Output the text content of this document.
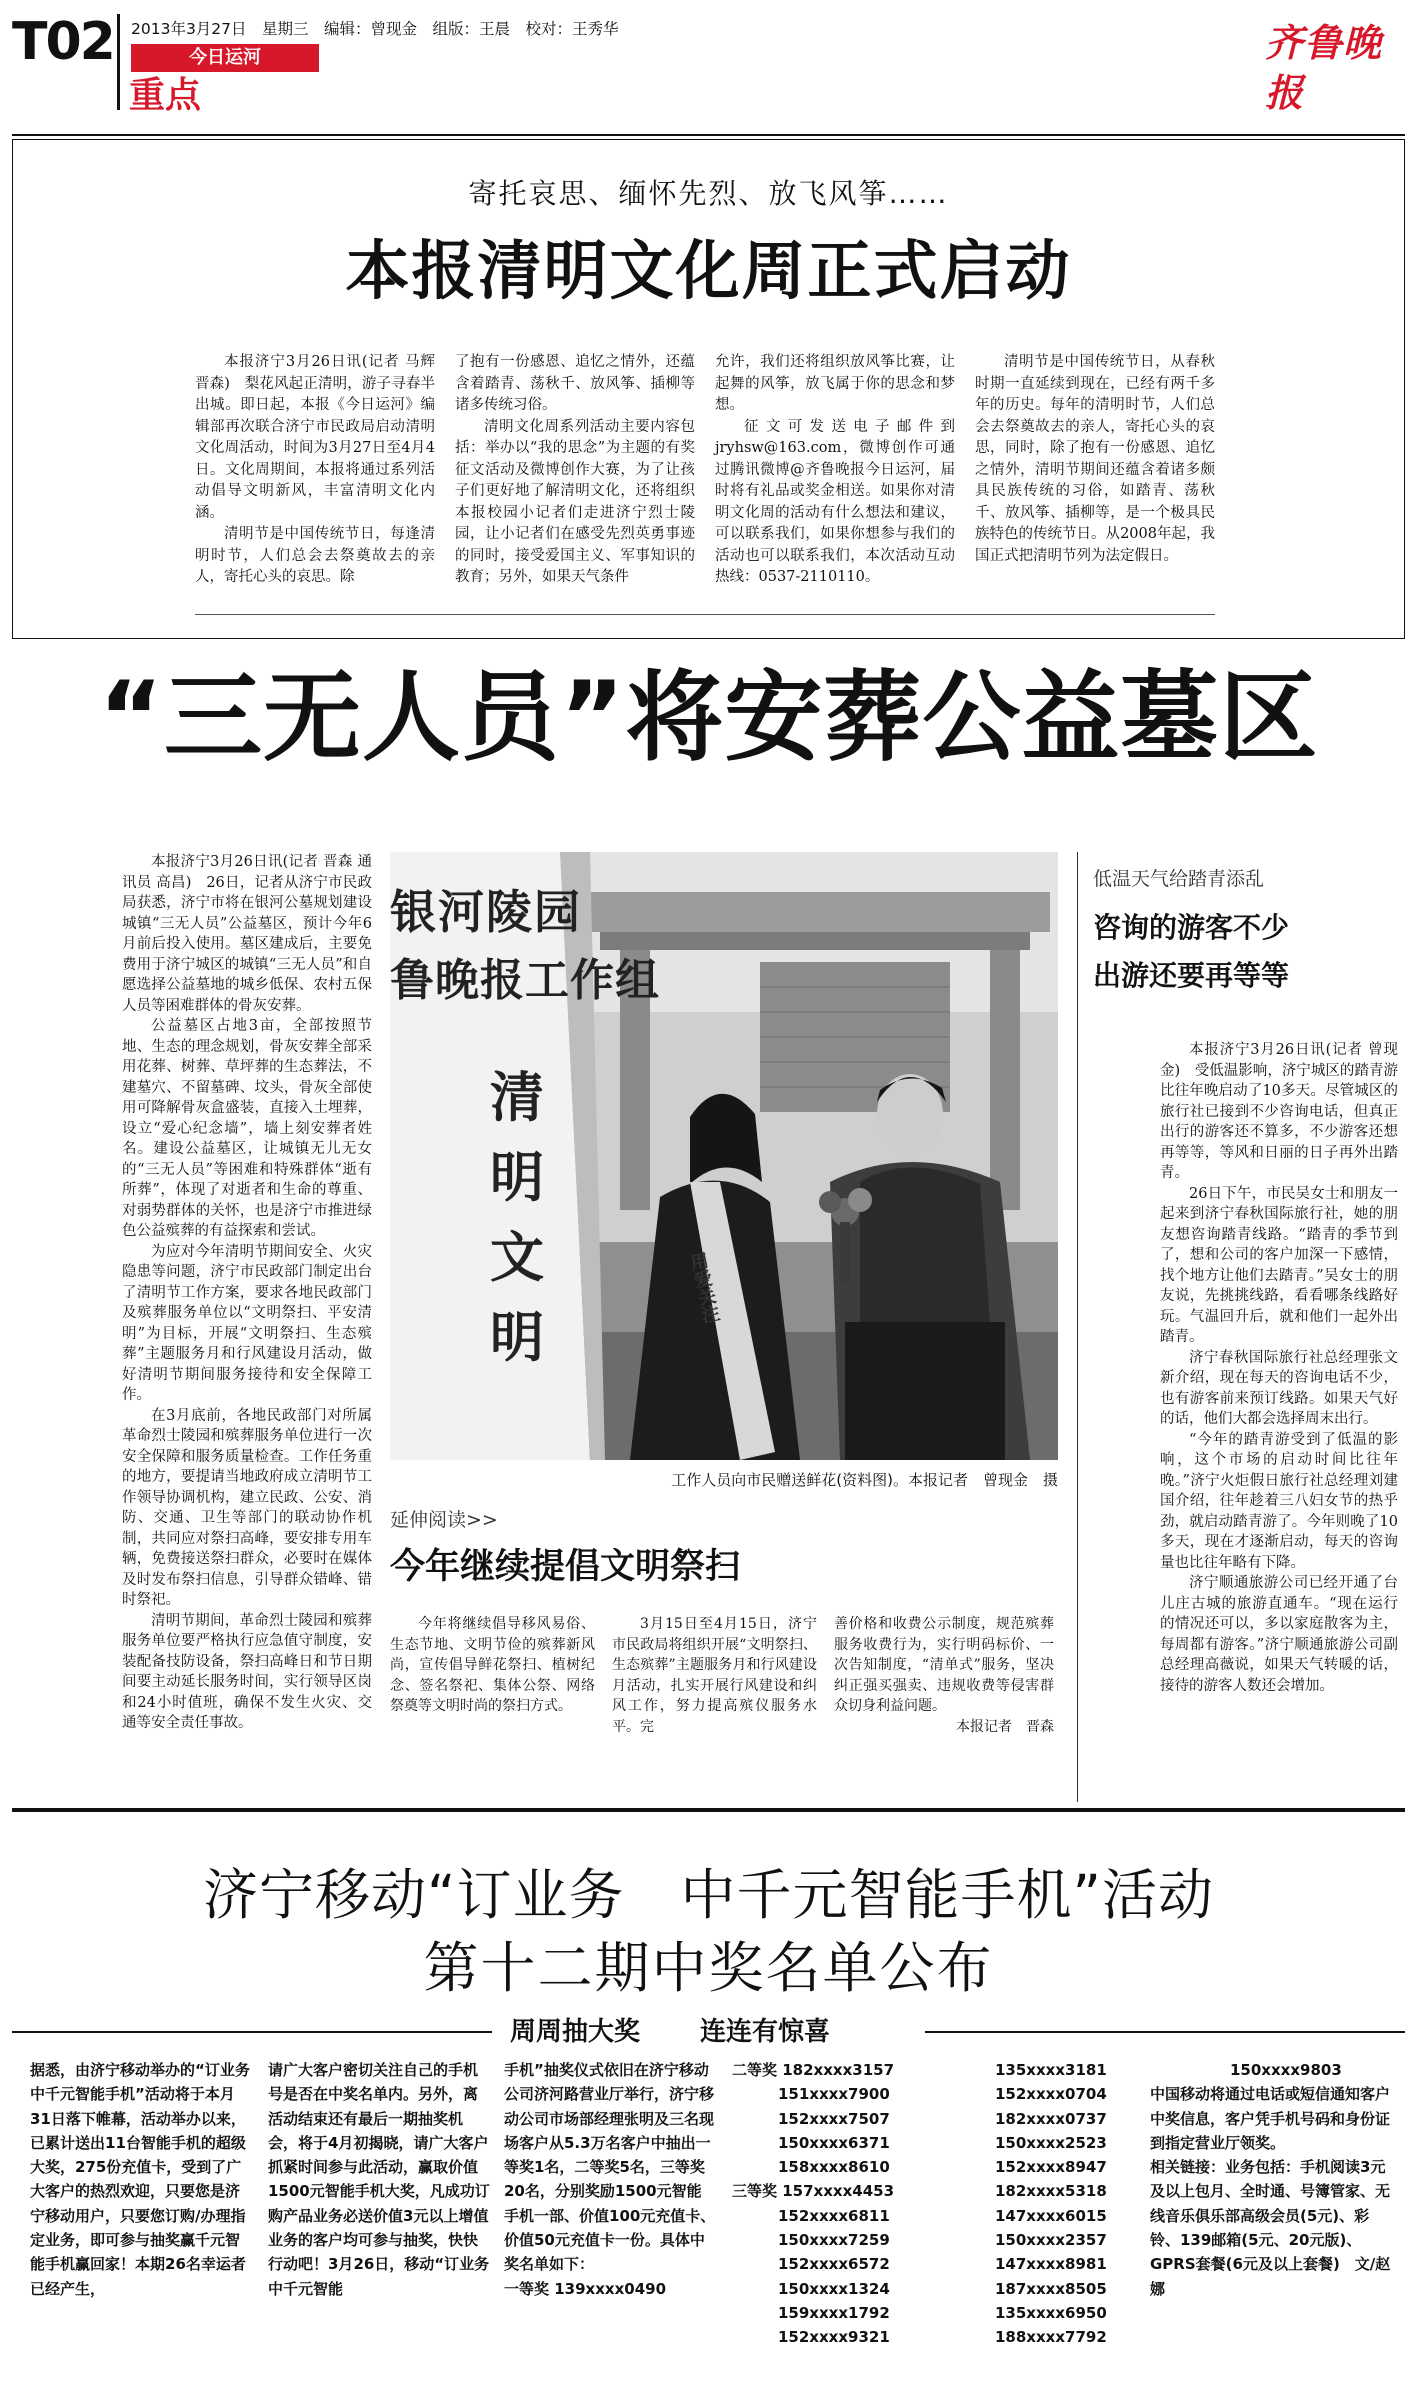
T02 2013年3月27日　星期三　编辑：曾现金　组版：王晨　校对：王秀华
今日运河
重点
齐鲁晚报
寄托哀思、缅怀先烈、放飞风筝……
本报清明文化周正式启动

本报济宁3月26日讯(记者 马辉 晋森)　梨花风起正清明，游子寻春半出城。即日起，本报《今日运河》编辑部再次联合济宁市民政局启动清明文化周活动，时间为3月27日至4月4日。文化周期间，本报将通过系列活动倡导文明新风，丰富清明文化内涵。

清明节是中国传统节日，每逢清明时节，人们总会去祭奠故去的亲人，寄托心头的哀思。除

了抱有一份感恩、追忆之情外，还蕴含着踏青、荡秋千、放风筝、插柳等诸多传统习俗。

清明文化周系列活动主要内容包括：举办以“我的思念”为主题的有奖征文活动及微博创作大赛，为了让孩子们更好地了解清明文化，还将组织本报校园小记者们走进济宁烈士陵园，让小记者们在感受先烈英勇事迹的同时，接受爱国主义、军事知识的教育；另外，如果天气条件

允许，我们还将组织放风筝比赛，让起舞的风筝，放飞属于你的思念和梦想。

征文可发送电子邮件到jryhsw@163.com，微博创作可通过腾讯微博@齐鲁晚报今日运河，届时将有礼品或奖金相送。如果你对清明文化周的活动有什么想法和建议，可以联系我们，如果你想参与我们的活动也可以联系我们，本次活动互动热线：0537-2110110。

清明节是中国传统节日，从春秋时期一直延续到现在，已经有两千多年的历史。每年的清明时节，人们总会去祭奠故去的亲人，寄托心头的哀思，同时，除了抱有一份感恩、追忆之情外，清明节期间还蕴含着诸多颇具民族传统的习俗，如踏青、荡秋千、放风筝、插柳等，是一个极具民族特色的传统节日。从2008年起，我国正式把清明节列为法定假日。

“三无人员”将安葬公益墓区

本报济宁3月26日讯(记者 晋森 通讯员 高昌)　26日，记者从济宁市民政局获悉，济宁市将在银河公墓规划建设城镇“三无人员”公益墓区，预计今年6月前后投入使用。墓区建成后，主要免费用于济宁城区的城镇“三无人员”和自愿选择公益墓地的城乡低保、农村五保人员等困难群体的骨灰安葬。

公益墓区占地3亩，全部按照节地、生态的理念规划，骨灰安葬全部采用花葬、树葬、草坪葬的生态葬法，不建墓穴、不留墓碑、坟头，骨灰全部使用可降解骨灰盒盛装，直接入土埋葬，设立“爱心纪念墙”，墙上刻安葬者姓名。建设公益墓区，让城镇无儿无女的“三无人员”等困难和特殊群体“逝有所葬”，体现了对逝者和生命的尊重、对弱势群体的关怀，也是济宁市推进绿色公益殡葬的有益探索和尝试。

为应对今年清明节期间安全、火灾隐患等问题，济宁市民政部门制定出台了清明节工作方案，要求各地民政部门及殡葬服务单位以“文明祭扫、平安清明”为目标，开展“文明祭扫、生态殡葬”主题服务月和行风建设月活动，做好清明节期间服务接待和安全保障工作。

在3月底前，各地民政部门对所属革命烈士陵园和殡葬服务单位进行一次安全保障和服务质量检查。工作任务重的地方，要提请当地政府成立清明节工作领导协调机构，建立民政、公安、消防、交通、卫生等部门的联动协作机制，共同应对祭扫高峰，要安排专用车辆，免费接送祭扫群众，必要时在媒体及时发布祭扫信息，引导群众错峰、错时祭祀。

清明节期间，革命烈士陵园和殡葬服务单位要严格执行应急值守制度，安装配备技防设备，祭扫高峰日和节日期间要主动延长服务时间，实行领导区岗和24小时值班，确保不发生火灾、交通等安全责任事故。

银河陵园
鲁晚报工作组
清明文明
用爱关注
工作人员向市民赠送鲜花(资料图)。本报记者　曾现金　摄
延伸阅读>>
今年继续提倡文明祭扫

今年将继续倡导移风易俗、生态节地、文明节俭的殡葬新风尚，宣传倡导鲜花祭扫、植树纪念、签名祭祀、集体公祭、网络祭奠等文明时尚的祭扫方式。

3月15日至4月15日，济宁市民政局将组织开展“文明祭扫、生态殡葬”主题服务月和行风建设月活动，扎实开展行风建设和纠风工作，努力提高殡仪服务水平。完

善价格和收费公示制度，规范殡葬服务收费行为，实行明码标价、一次告知制度，“清单式”服务，坚决纠正强买强卖、违规收费等侵害群众切身利益问题。

本报记者　晋森
低温天气给踏青添乱
咨询的游客不少
出游还要再等等

本报济宁3月26日讯(记者 曾现金)　受低温影响，济宁城区的踏青游比往年晚启动了10多天。尽管城区的旅行社已接到不少咨询电话，但真正出行的游客还不算多，不少游客还想再等等，等风和日丽的日子再外出踏青。

26日下午，市民吴女士和朋友一起来到济宁春秋国际旅行社，她的朋友想咨询踏青线路。“踏青的季节到了，想和公司的客户加深一下感情，找个地方让他们去踏青。”吴女士的朋友说，先挑挑线路，看看哪条线路好玩。气温回升后，就和他们一起外出踏青。

济宁春秋国际旅行社总经理张文新介绍，现在每天的咨询电话不少，也有游客前来预订线路。如果天气好的话，他们大都会选择周末出行。

“今年的踏青游受到了低温的影响，这个市场的启动时间比往年晚。”济宁火炬假日旅行社总经理刘建国介绍，往年趁着三八妇女节的热乎劲，就启动踏青游了。今年则晚了10多天，现在才逐渐启动，每天的咨询量也比往年略有下降。

济宁顺通旅游公司已经开通了台儿庄古城的旅游直通车。“现在运行的情况还可以，多以家庭散客为主，每周都有游客。”济宁顺通旅游公司副总经理高薇说，如果天气转暖的话，接待的游客人数还会增加。

济宁移动“订业务　中千元智能手机”活动
第十二期中奖名单公布
周周抽大奖 连连有惊喜

据悉，由济宁移动举办的“订业务中千元智能手机”活动将于本月31日落下帷幕，活动举办以来，已累计送出11台智能手机的超级大奖，275份充值卡，受到了广大客户的热烈欢迎，只要您是济宁移动用户，只要您订购/办理指定业务，即可参与抽奖赢千元智能手机赢回家！本期26名幸运者已经产生，

请广大客户密切关注自己的手机号是否在中奖名单内。另外，离活动结束还有最后一期抽奖机会，将于4月初揭晓，请广大客户抓紧时间参与此活动，赢取价值1500元智能手机大奖，凡成功订购产品业务必送价值3元以上增值业务的客户均可参与抽奖，快快行动吧！3月26日，移动“订业务　中千元智能

手机”抽奖仪式依旧在济宁移动公司济河路营业厅举行，济宁移动公司市场部经理张明及三名现场客户从5.3万名客户中抽出一等奖1名，二等奖5名，三等奖20名，分别奖励1500元智能手机一部、价值100元充值卡、价值50元充值卡一份。具体中奖名单如下：

一等奖 139xxxx0490
二等奖 182xxxx3157
151xxxx7900
152xxxx7507
150xxxx6371
158xxxx8610
三等奖 157xxxx4453
152xxxx6811
150xxxx7259
152xxxx6572
150xxxx1324
159xxxx1792
152xxxx9321
135xxxx3181
152xxxx0704
182xxxx0737
150xxxx2523
152xxxx8947
182xxxx5318
147xxxx6015
150xxxx2357
147xxxx8981
187xxxx8505
135xxxx6950
188xxxx7792
150xxxx9803

中国移动将通过电话或短信通知客户中奖信息，客户凭手机号码和身份证到指定营业厅领奖。

相关链接：业务包括：手机阅读3元及以上包月、全时通、号簿管家、无线音乐俱乐部高级会员(5元)、彩铃、139邮箱(5元、20元版)、GPRS套餐(6元及以上套餐)　文/赵娜
